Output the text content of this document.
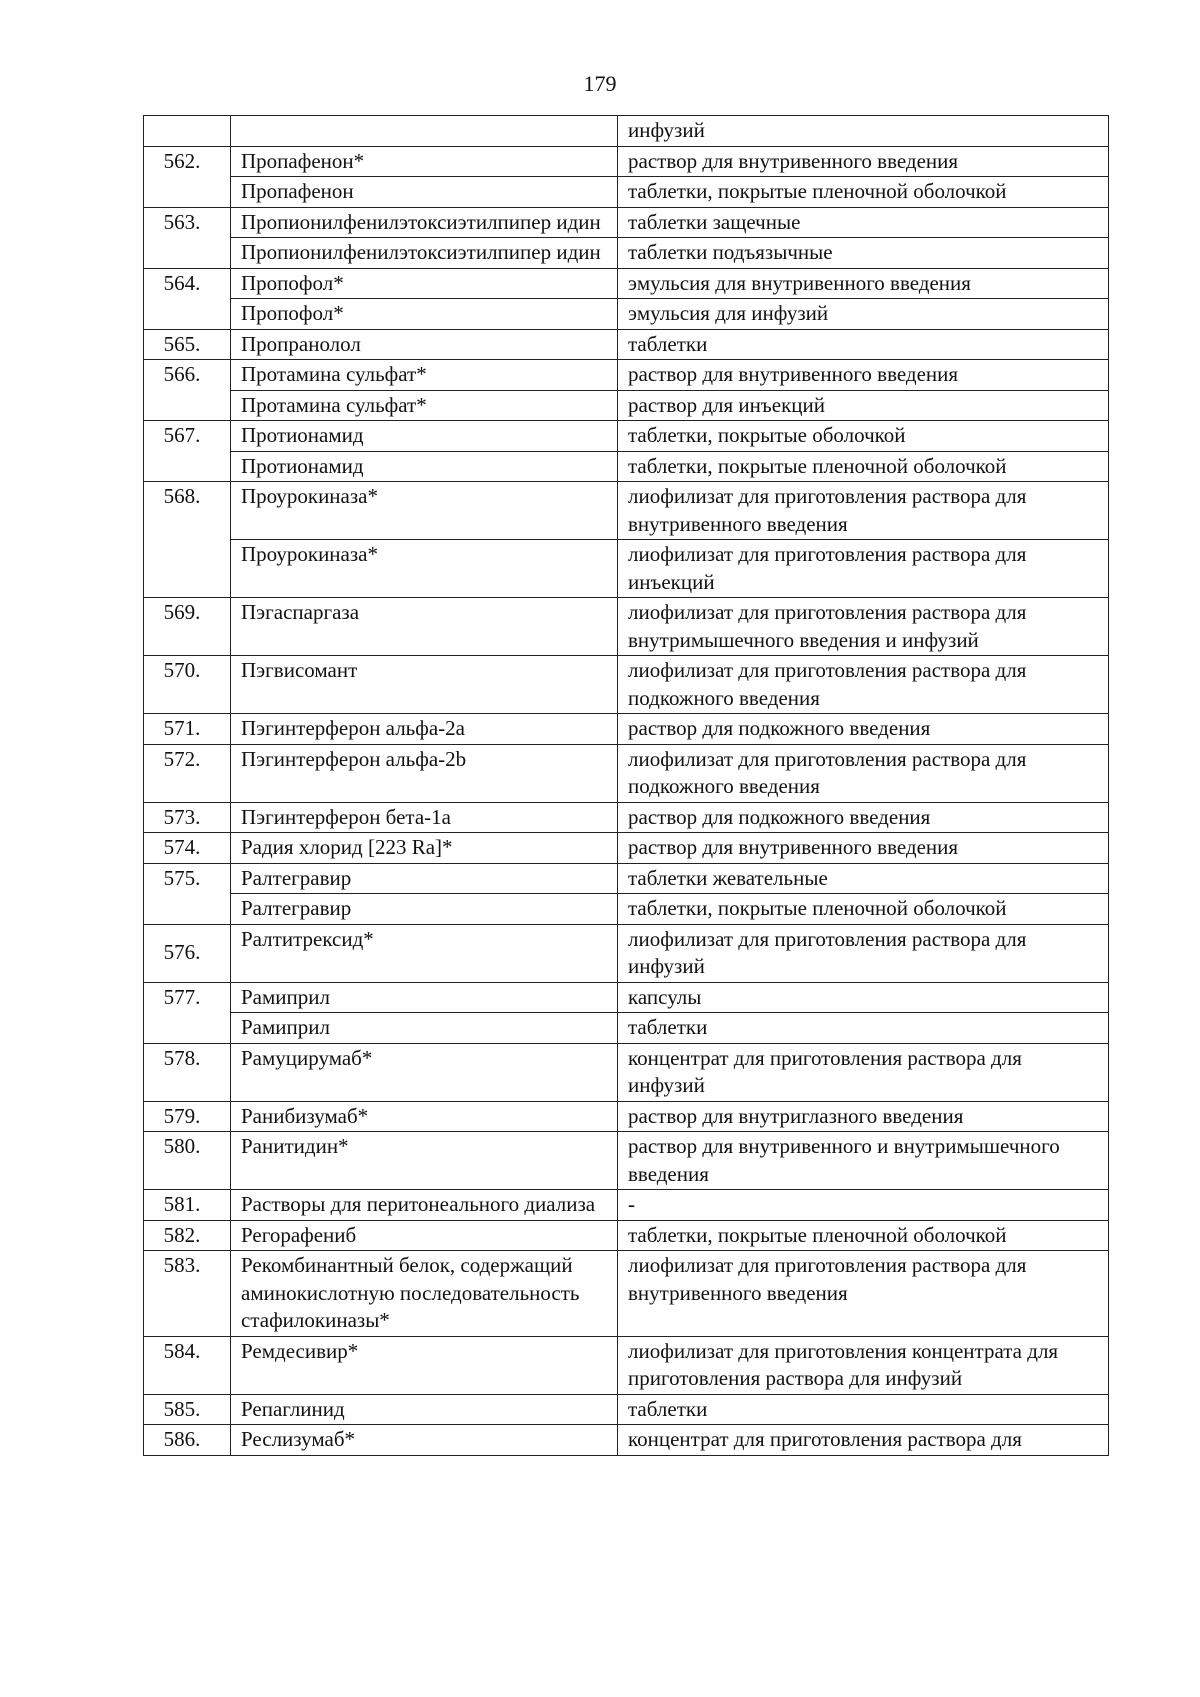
179
		инфузий
562.	Пропафенон*	раствор для внутривенного введения
	Пропафенон	таблетки, покрытые пленочной оболочкой
563.	Пропионилфенилэтоксиэтилпипер идин	таблетки защечные
	Пропионилфенилэтоксиэтилпипер идин	таблетки подъязычные
564.	Пропофол*	эмульсия для внутривенного введения
	Пропофол*	эмульсия для инфузий
565.	Пропранолол	таблетки
566.	Протамина сульфат*	раствор для внутривенного введения
	Протамина сульфат*	раствор для инъекций
567.	Протионамид	таблетки, покрытые оболочкой
	Протионамид	таблетки, покрытые пленочной оболочкой
568.	Проурокиназа*	лиофилизат для приготовления раствора для внутривенного введения
	Проурокиназа*	лиофилизат для приготовления раствора для инъекций
569.	Пэгаспаргаза	лиофилизат для приготовления раствора для внутримышечного введения и инфузий
570.	Пэгвисомант	лиофилизат для приготовления раствора для подкожного введения
571.	Пэгинтерферон альфа-2a	раствор для подкожного введения
572.	Пэгинтерферон альфа-2b	лиофилизат для приготовления раствора для подкожного введения
573.	Пэгинтерферон бета-1a	раствор для подкожного введения
574.	Радия хлорид [223 Ra]*	раствор для внутривенного введения
575.	Ралтегравир	таблетки жевательные
	Ралтегравир	таблетки, покрытые пленочной оболочкой
576.	Ралтитрексид*	лиофилизат для приготовления раствора для инфузий
577.	Рамиприл	капсулы
	Рамиприл	таблетки
578.	Рамуцирумаб*	концентрат для приготовления раствора для инфузий
579.	Ранибизумаб*	раствор для внутриглазного введения
580.	Ранитидин*	раствор для внутривенного и внутримышечного введения
581.	Растворы для перитонеального диализа	-
582.	Регорафениб	таблетки, покрытые пленочной оболочкой
583.	Рекомбинантный белок, содержащий аминокислотную последовательность стафилокиназы*	лиофилизат для приготовления раствора для внутривенного введения
584.	Ремдесивир*	лиофилизат для приготовления концентрата для приготовления раствора для инфузий
585.	Репаглинид	таблетки
586.	Реслизумаб*	концентрат для приготовления раствора для
